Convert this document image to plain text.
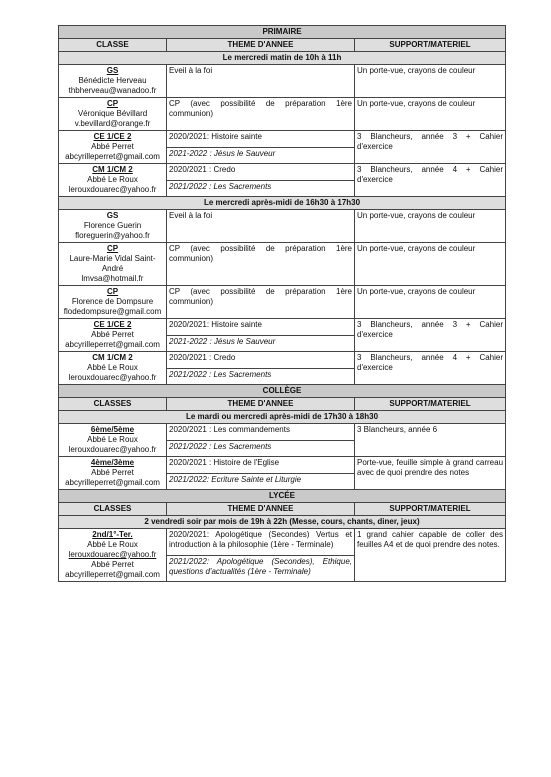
PRIMAIRE		
CLASSE	THEME D'ANNEE	SUPPORT/MATERIEL
Le mercredi matin de 10h à 11h		

GS
Bénédicte Herveau
thbherveau@wanadoo.fr	Eveil à la foi	Un porte-vue, crayons de couleur

CP
Véronique Bévillard
v.bevillard@orange.fr	CP (avec possibilité de préparation 1ère communion)	Un porte-vue, crayons de couleur

CE 1/CE 2
Abbé Perret
abcyrilleperret@gmail.com	2020/2021: Histoire sainte	3 Blancheurs, année 3 + Cahier d'exercice
	2021-2022 : Jésus le Sauveur	

CM 1/CM 2
Abbé Le Roux
lerouxdouarec@yahoo.fr	2020/2021 : Credo	3 Blancheurs, année 4 + Cahier d'exercice
	2021/2022 : Les Sacrements	
Le mercredi après-midi de 16h30 à 17h30		

GS
Florence Guerin
floreguerin@yahoo.fr	Eveil à la foi	Un porte-vue, crayons de couleur

CP
Laure-Marie Vidal Saint-André
lmvsa@hotmail.fr	CP (avec possibilité de préparation 1ère communion)	Un porte-vue, crayons de couleur

CP
Florence de Dompsure
flodedompsure@gmail.com	CP (avec possibilité de préparation 1ère communion)	Un porte-vue, crayons de couleur

CE 1/CE 2
Abbé Perret
abcyrilleperret@gmail.com	2020/2021: Histoire sainte	3 Blancheurs, année 3 + Cahier d'exercice
	2021-2022 : Jésus le Sauveur	

CM 1/CM 2
Abbé Le Roux
lerouxdouarec@yahoo.fr	2020/2021 : Credo	3 Blancheurs, année 4 + Cahier d'exercice
	2021/2022 : Les Sacrements	
COLLÈGE		
CLASSES	THEME D'ANNEE	SUPPORT/MATERIEL
Le mardi ou mercredi après-midi de 17h30 à 18h30		

6ème/5ème
Abbé Le Roux
lerouxdouarec@yahoo.fr	2020/2021 : Les commandements	3 Blancheurs, année 6
	2021/2022 : Les Sacrements	

4ème/3ème
Abbé Perret
abcyrilleperret@gmail.com	2020/2021 : Histoire de l'Eglise	Porte-vue, feuille simple à grand carreau avec de quoi prendre des notes
	2021/2022: Ecriture Sainte et Liturgie	
LYCÉE		
CLASSES	THEME D'ANNEE	SUPPORT/MATERIEL
2 vendredi soir par mois de 19h à 22h (Messe, cours, chants, diner, jeux)		

2nd/1°-Ter.
Abbé Le Roux
lerouxdouarec@yahoo.fr
Abbé Perret
abcyrilleperret@gmail.com	2020/2021: Apologétique (Secondes) Vertus et introduction à la philosophie (1ère - Terminale)	1 grand cahier capable de coller des feuilles A4 et de quoi prendre des notes.
	2021/2022: Apologétique (Secondes), Ethique, questions d'actualités (1ère - Terminale)	
